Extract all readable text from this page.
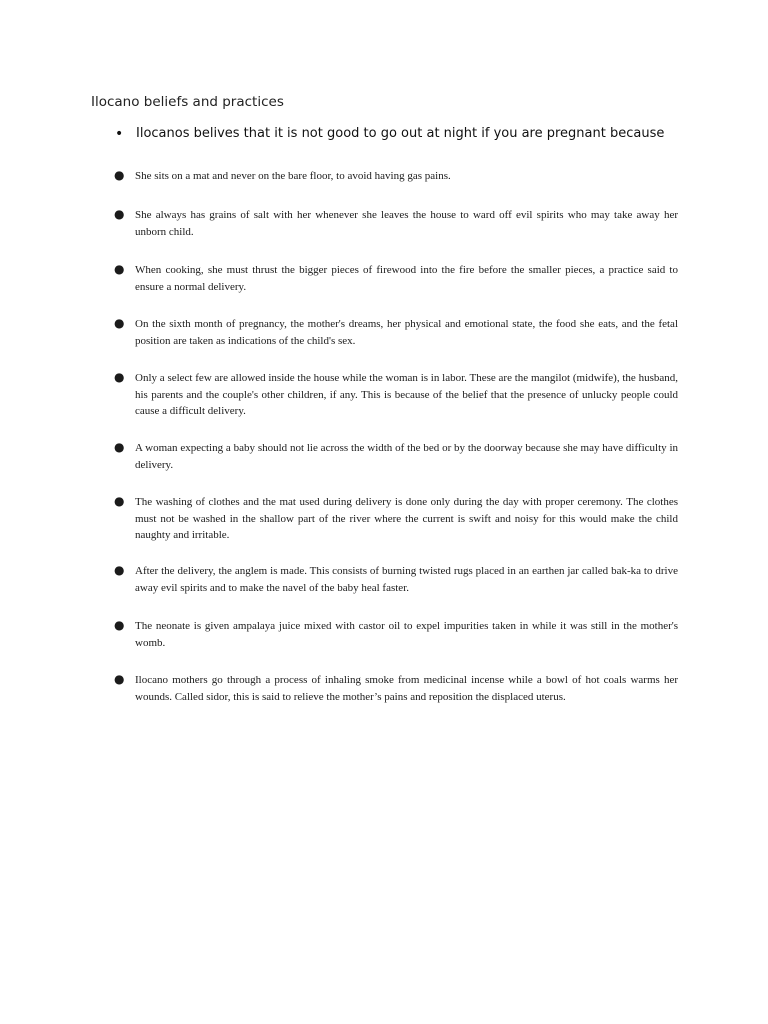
Ilocano beliefs and practices
• Ilocanos belives that it is not good to go out at night if you are pregnant because
● She sits on a mat and never on the bare floor, to avoid having gas pains.
● She always has grains of salt with her whenever she leaves the house to ward off evil spirits who may take away her unborn child.
● When cooking, she must thrust the bigger pieces of firewood into the fire before the smaller pieces, a practice said to ensure a normal delivery.
● On the sixth month of pregnancy, the mother's dreams, her physical and emotional state, the food she eats, and the fetal position are taken as indications of the child's sex.
● Only a select few are allowed inside the house while the woman is in labor. These are the mangilot (midwife), the husband, his parents and the couple's other children, if any. This is because of the belief that the presence of unlucky people could cause a difficult delivery.
● A woman expecting a baby should not lie across the width of the bed or by the doorway because she may have difficulty in delivery.
● The washing of clothes and the mat used during delivery is done only during the day with proper ceremony. The clothes must not be washed in the shallow part of the river where the current is swift and noisy for this would make the child naughty and irritable.
● After the delivery, the anglem is made. This consists of burning twisted rugs placed in an earthen jar called bak-ka to drive away evil spirits and to make the navel of the baby heal faster.
● The neonate is given ampalaya juice mixed with castor oil to expel impurities taken in while it was still in the mother's womb.
● Ilocano mothers go through a process of inhaling smoke from medicinal incense while a bowl of hot coals warms her wounds. Called sidor, this is said to relieve the mother’s pains and reposition the displaced uterus.
